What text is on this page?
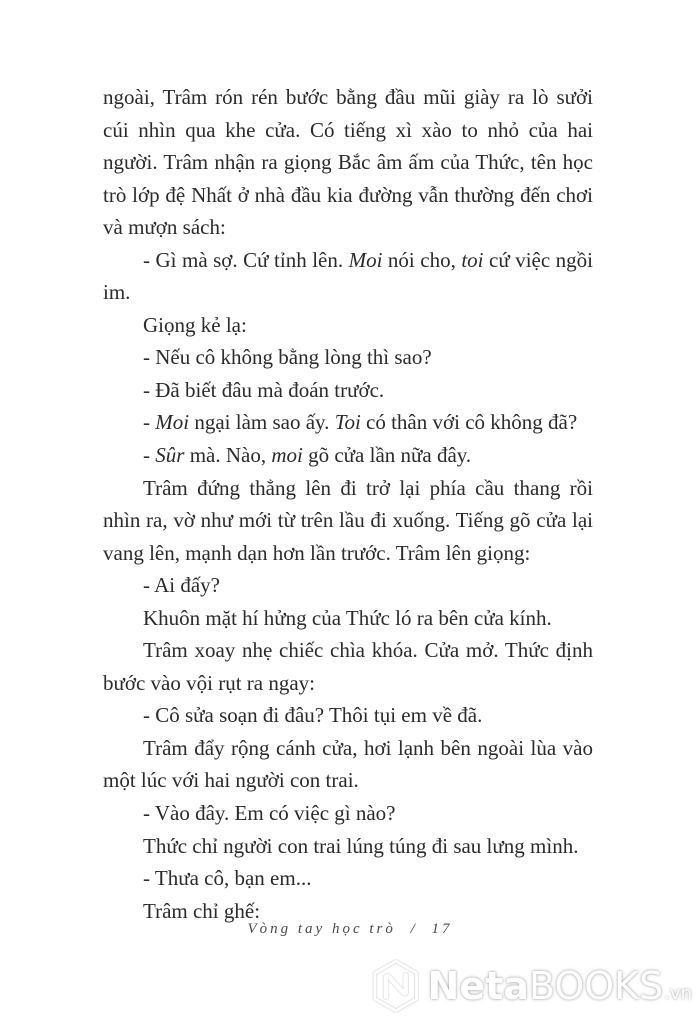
ngoài, Trâm rón rén bước bằng đầu mũi giày ra lò sưởi cúi nhìn qua khe cửa. Có tiếng xì xào to nhỏ của hai người. Trâm nhận ra giọng Bắc âm ấm của Thức, tên học trò lớp đệ Nhất ở nhà đầu kia đường vẫn thường đến chơi và mượn sách:

- Gì mà sợ. Cứ tỉnh lên. Moi nói cho, toi cứ việc ngồi im.

Giọng kẻ lạ:

- Nếu cô không bằng lòng thì sao?

- Đã biết đâu mà đoán trước.

- Moi ngại làm sao ấy. Toi có thân với cô không đã?

- Sûr mà. Nào, moi gõ cửa lần nữa đây.

Trâm đứng thẳng lên đi trở lại phía cầu thang rồi nhìn ra, vờ như mới từ trên lầu đi xuống. Tiếng gõ cửa lại vang lên, mạnh dạn hơn lần trước. Trâm lên giọng:

- Ai đấy?

Khuôn mặt hí hửng của Thức ló ra bên cửa kính.

Trâm xoay nhẹ chiếc chìa khóa. Cửa mở. Thức định bước vào vội rụt ra ngay:

- Cô sửa soạn đi đâu? Thôi tụi em về đã.

Trâm đẩy rộng cánh cửa, hơi lạnh bên ngoài lùa vào một lúc với hai người con trai.

- Vào đây. Em có việc gì nào?

Thức chỉ người con trai lúng túng đi sau lưng mình.

- Thưa cô, bạn em...

Trâm chỉ ghế:

Vòng tay học trò / 17
NetaBOOKS .vn
